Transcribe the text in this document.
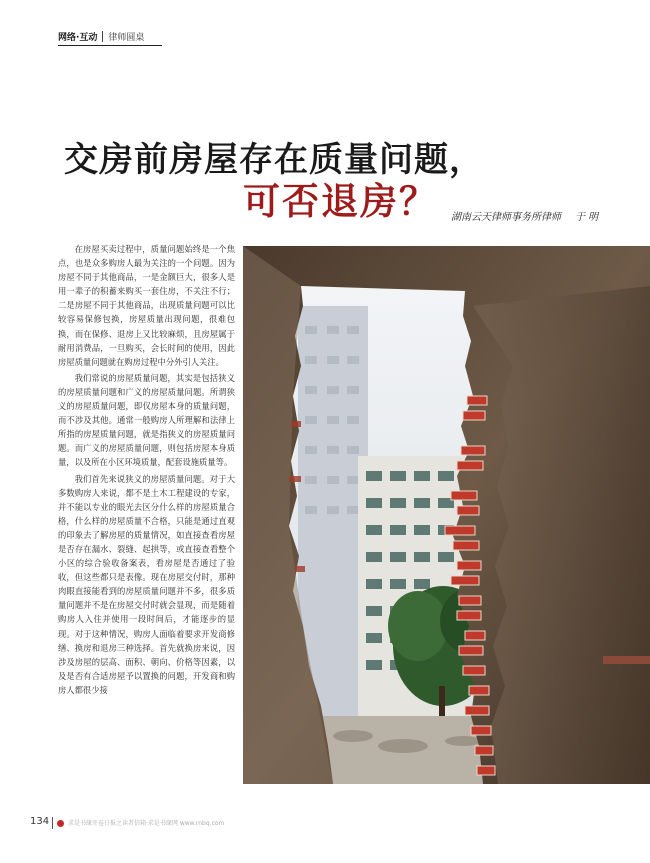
网络·互动 律师圆桌
交房前房屋存在质量问题，
可否退房？ 湖南云天律师事务所律师 于 明

在房屋买卖过程中，质量问题始终是一个焦点，也是众多购房人最为关注的一个问题。因为房屋不同于其他商品，一是金额巨大，很多人是用一辈子的积蓄来购买一套住房，不关注不行；二是房屋不同于其他商品，出现质量问题可以比较容易保修包换，房屋质量出现问题，很难包换，而在保修、退房上又比较麻烦，且房屋属于耐用消费品，一旦购买，会长时间的使用，因此房屋质量问题就在购房过程中分外引人关注。

我们常说的房屋质量问题，其实是包括狭义的房屋质量问题和广义的房屋质量问题。所谓狭义的房屋质量问题，即仅房屋本身的质量问题，而不涉及其他。通常一般购房人所理解和法律上所指的房屋质量问题，就是指狭义的房屋质量问题。而广义的房屋质量问题，则包括房屋本身质量，以及所在小区环境质量，配套设施质量等。

我们首先来说狭义的房屋质量问题。对于大多数购房人来说，都不是土木工程建设的专家，并不能以专业的眼光去区分什么样的房屋质量合格，什么样的房屋质量不合格，只能是通过直观的印象去了解房屋的质量情况，如直接查看房屋是否存在漏水、裂缝、起拱等，或直接查看整个小区的综合验收备案表，看房屋是否通过了验收，但这些都只是表像。现在房屋交付时，那种肉眼直接能看到的房屋质量问题并不多，很多质量问题并不是在房屋交付时就会显现，而是随着购房人入住并使用一段时间后，才能逐步的显现。对于这种情况，购房人面临着要求开发商修缮、换房和退房三种选择。首先就换房来说，因涉及房屋的层高、面积、朝向、价格等因素，以及是否有合适房屋予以置换的问题，开发商和购房人都很少接

134	求是书缘开卷日报之读者信箱·求是书缘网 www.rnbq.com
